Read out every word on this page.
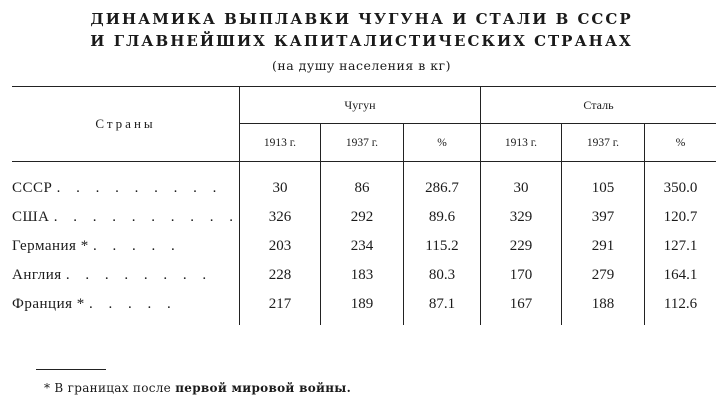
ДИНАМИКА ВЫПЛАВКИ ЧУГУНА И СТАЛИ В СССР
И ГЛАВНЕЙШИХ КАПИТАЛИСТИЧЕСКИХ СТРАНАХ
(на душу населения в кг)
Страны	Чугун			Сталь		
	1913 г.	1937 г.	%	1913 г.	1937 г.	%
СССР . . . . . . . . .	30	86	286.7	30	105	350.0
США . . . . . . . . . .	326	292	89.6	329	397	120.7
Германия * . . . . .	203	234	115.2	229	291	127.1
Англия . . . . . . . .	228	183	80.3	170	279	164.1
Франция * . . . . .	217	189	87.1	167	188	112.6
* В границах после первой мировой войны.
